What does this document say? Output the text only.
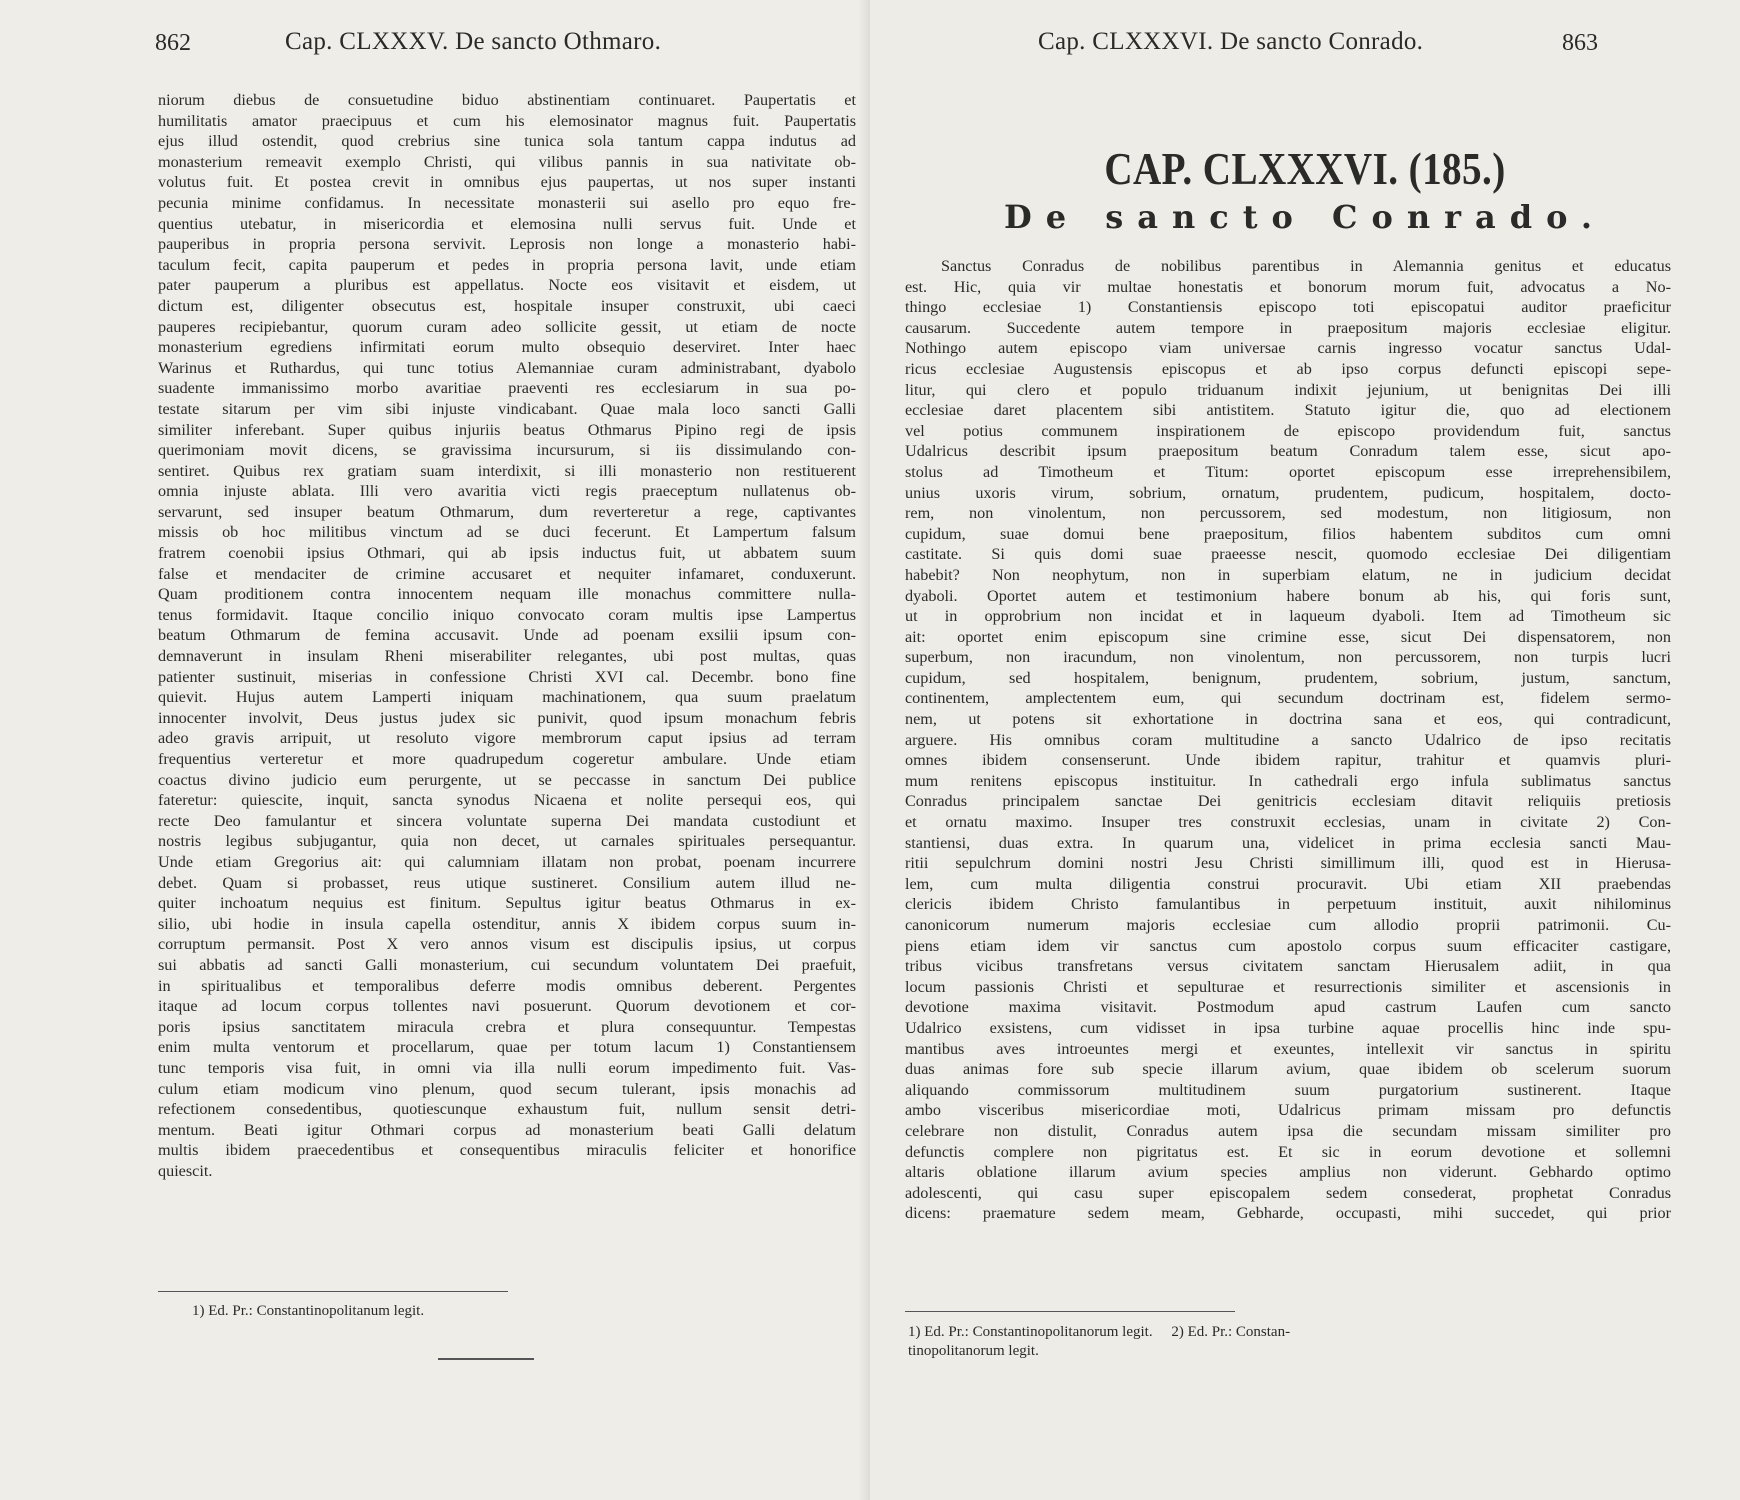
862	Cap. CLXXXV. De sancto Othmaro.
niorum diebus de consuetudine biduo abstinentiam continuaret. Paupertatis et
humilitatis amator praecipuus et cum his elemosinator magnus fuit. Paupertatis
ejus illud ostendit, quod crebrius sine tunica sola tantum cappa indutus ad
monasterium remeavit exemplo Christi, qui vilibus pannis in sua nativitate ob-
volutus fuit. Et postea crevit in omnibus ejus paupertas, ut nos super instanti
pecunia minime confidamus. In necessitate monasterii sui asello pro equo fre-
quentius utebatur, in misericordia et elemosina nulli servus fuit. Unde et
pauperibus in propria persona servivit. Leprosis non longe a monasterio habi-
taculum fecit, capita pauperum et pedes in propria persona lavit, unde etiam
pater pauperum a pluribus est appellatus. Nocte eos visitavit et eisdem, ut
dictum est, diligenter obsecutus est, hospitale insuper construxit, ubi caeci
pauperes recipiebantur, quorum curam adeo sollicite gessit, ut etiam de nocte
monasterium egrediens infirmitati eorum multo obsequio deserviret. Inter haec
Warinus et Ruthardus, qui tunc totius Alemanniae curam administrabant, dyabolo
suadente immanissimo morbo avaritiae praeventi res ecclesiarum in sua po-
testate sitarum per vim sibi injuste vindicabant. Quae mala loco sancti Galli
similiter inferebant. Super quibus injuriis beatus Othmarus Pipino regi de ipsis
querimoniam movit dicens, se gravissima incursurum, si iis dissimulando con-
sentiret. Quibus rex gratiam suam interdixit, si illi monasterio non restituerent
omnia injuste ablata. Illi vero avaritia victi regis praeceptum nullatenus ob-
servarunt, sed insuper beatum Othmarum, dum reverteretur a rege, captivantes
missis ob hoc militibus vinctum ad se duci fecerunt. Et Lampertum falsum
fratrem coenobii ipsius Othmari, qui ab ipsis inductus fuit, ut abbatem suum
false et mendaciter de crimine accusaret et nequiter infamaret, conduxerunt.
Quam proditionem contra innocentem nequam ille monachus committere nulla-
tenus formidavit. Itaque concilio iniquo convocato coram multis ipse Lampertus
beatum Othmarum de femina accusavit. Unde ad poenam exsilii ipsum con-
demnaverunt in insulam Rheni miserabiliter relegantes, ubi post multas, quas
patienter sustinuit, miserias in confessione Christi XVI cal. Decembr. bono fine
quievit. Hujus autem Lamperti iniquam machinationem, qua suum praelatum
innocenter involvit, Deus justus judex sic punivit, quod ipsum monachum febris
adeo gravis arripuit, ut resoluto vigore membrorum caput ipsius ad terram
frequentius verteretur et more quadrupedum cogeretur ambulare. Unde etiam
coactus divino judicio eum perurgente, ut se peccasse in sanctum Dei publice
fateretur: quiescite, inquit, sancta synodus Nicaena et nolite persequi eos, qui
recte Deo famulantur et sincera voluntate superna Dei mandata custodiunt et
nostris legibus subjugantur, quia non decet, ut carnales spirituales persequantur.
Unde etiam Gregorius ait: qui calumniam illatam non probat, poenam incurrere
debet. Quam si probasset, reus utique sustineret. Consilium autem illud ne-
quiter inchoatum nequius est finitum. Sepultus igitur beatus Othmarus in ex-
silio, ubi hodie in insula capella ostenditur, annis X ibidem corpus suum in-
corruptum permansit. Post X vero annos visum est discipulis ipsius, ut corpus
sui abbatis ad sancti Galli monasterium, cui secundum voluntatem Dei praefuit,
in spiritualibus et temporalibus deferre modis omnibus deberent. Pergentes
itaque ad locum corpus tollentes navi posuerunt. Quorum devotionem et cor-
poris ipsius sanctitatem miracula crebra et plura consequuntur. Tempestas
enim multa ventorum et procellarum, quae per totum lacum 1) Constantiensem
tunc temporis visa fuit, in omni via illa nulli eorum impedimento fuit. Vas-
culum etiam modicum vino plenum, quod secum tulerant, ipsis monachis ad
refectionem consedentibus, quotiescunque exhaustum fuit, nullum sensit detri-
mentum. Beati igitur Othmari corpus ad monasterium beati Galli delatum
multis ibidem praecedentibus et consequentibus miraculis feliciter et honorifice
quiescit.
1) Ed. Pr.: Constantinopolitanum legit.
Cap. CLXXXVI. De sancto Conrado.	863
CAP. CLXXXVI. (185.)
De sancto Conrado.
Sanctus Conradus de nobilibus parentibus in Alemannia genitus et educatus
est. Hic, quia vir multae honestatis et bonorum morum fuit, advocatus a No-
thingo ecclesiae 1) Constantiensis episcopo toti episcopatui auditor praeficitur
causarum. Succedente autem tempore in praepositum majoris ecclesiae eligitur.
Nothingo autem episcopo viam universae carnis ingresso vocatur sanctus Udal-
ricus ecclesiae Augustensis episcopus et ab ipso corpus defuncti episcopi sepe-
litur, qui clero et populo triduanum indixit jejunium, ut benignitas Dei illi
ecclesiae daret placentem sibi antistitem. Statuto igitur die, quo ad electionem
vel potius communem inspirationem de episcopo providendum fuit, sanctus
Udalricus describit ipsum praepositum beatum Conradum talem esse, sicut apo-
stolus ad Timotheum et Titum: oportet episcopum esse irreprehensibilem,
unius uxoris virum, sobrium, ornatum, prudentem, pudicum, hospitalem, docto-
rem, non vinolentum, non percussorem, sed modestum, non litigiosum, non
cupidum, suae domui bene praepositum, filios habentem subditos cum omni
castitate. Si quis domi suae praeesse nescit, quomodo ecclesiae Dei diligentiam
habebit? Non neophytum, non in superbiam elatum, ne in judicium decidat
dyaboli. Oportet autem et testimonium habere bonum ab his, qui foris sunt,
ut in opprobrium non incidat et in laqueum dyaboli. Item ad Timotheum sic
ait: oportet enim episcopum sine crimine esse, sicut Dei dispensatorem, non
superbum, non iracundum, non vinolentum, non percussorem, non turpis lucri
cupidum, sed hospitalem, benignum, prudentem, sobrium, justum, sanctum,
continentem, amplectentem eum, qui secundum doctrinam est, fidelem sermo-
nem, ut potens sit exhortatione in doctrina sana et eos, qui contradicunt,
arguere. His omnibus coram multitudine a sancto Udalrico de ipso recitatis
omnes ibidem consenserunt. Unde ibidem rapitur, trahitur et quamvis pluri-
mum renitens episcopus instituitur. In cathedrali ergo infula sublimatus sanctus
Conradus principalem sanctae Dei genitricis ecclesiam ditavit reliquiis pretiosis
et ornatu maximo. Insuper tres construxit ecclesias, unam in civitate 2) Con-
stantiensi, duas extra. In quarum una, videlicet in prima ecclesia sancti Mau-
ritii sepulchrum domini nostri Jesu Christi simillimum illi, quod est in Hierusa-
lem, cum multa diligentia construi procuravit. Ubi etiam XII praebendas
clericis ibidem Christo famulantibus in perpetuum instituit, auxit nihilominus
canonicorum numerum majoris ecclesiae cum allodio proprii patrimonii. Cu-
piens etiam idem vir sanctus cum apostolo corpus suum efficaciter castigare,
tribus vicibus transfretans versus civitatem sanctam Hierusalem adiit, in qua
locum passionis Christi et sepulturae et resurrectionis similiter et ascensionis in
devotione maxima visitavit. Postmodum apud castrum Laufen cum sancto
Udalrico exsistens, cum vidisset in ipsa turbine aquae procellis hinc inde spu-
mantibus aves introeuntes mergi et exeuntes, intellexit vir sanctus in spiritu
duas animas fore sub specie illarum avium, quae ibidem ob scelerum suorum
aliquando commissorum multitudinem suum purgatorium sustinerent. Itaque
ambo visceribus misericordiae moti, Udalricus primam missam pro defunctis
celebrare non distulit, Conradus autem ipsa die secundam missam similiter pro
defunctis complere non pigritatus est. Et sic in eorum devotione et sollemni
altaris oblatione illarum avium species amplius non viderunt. Gebhardo optimo
adolescenti, qui casu super episcopalem sedem consederat, prophetat Conradus
dicens: praemature sedem meam, Gebharde, occupasti, mihi succedet, qui prior
1) Ed. Pr.: Constantinopolitanorum legit.     2) Ed. Pr.: Constan-
tinopolitanorum legit.
